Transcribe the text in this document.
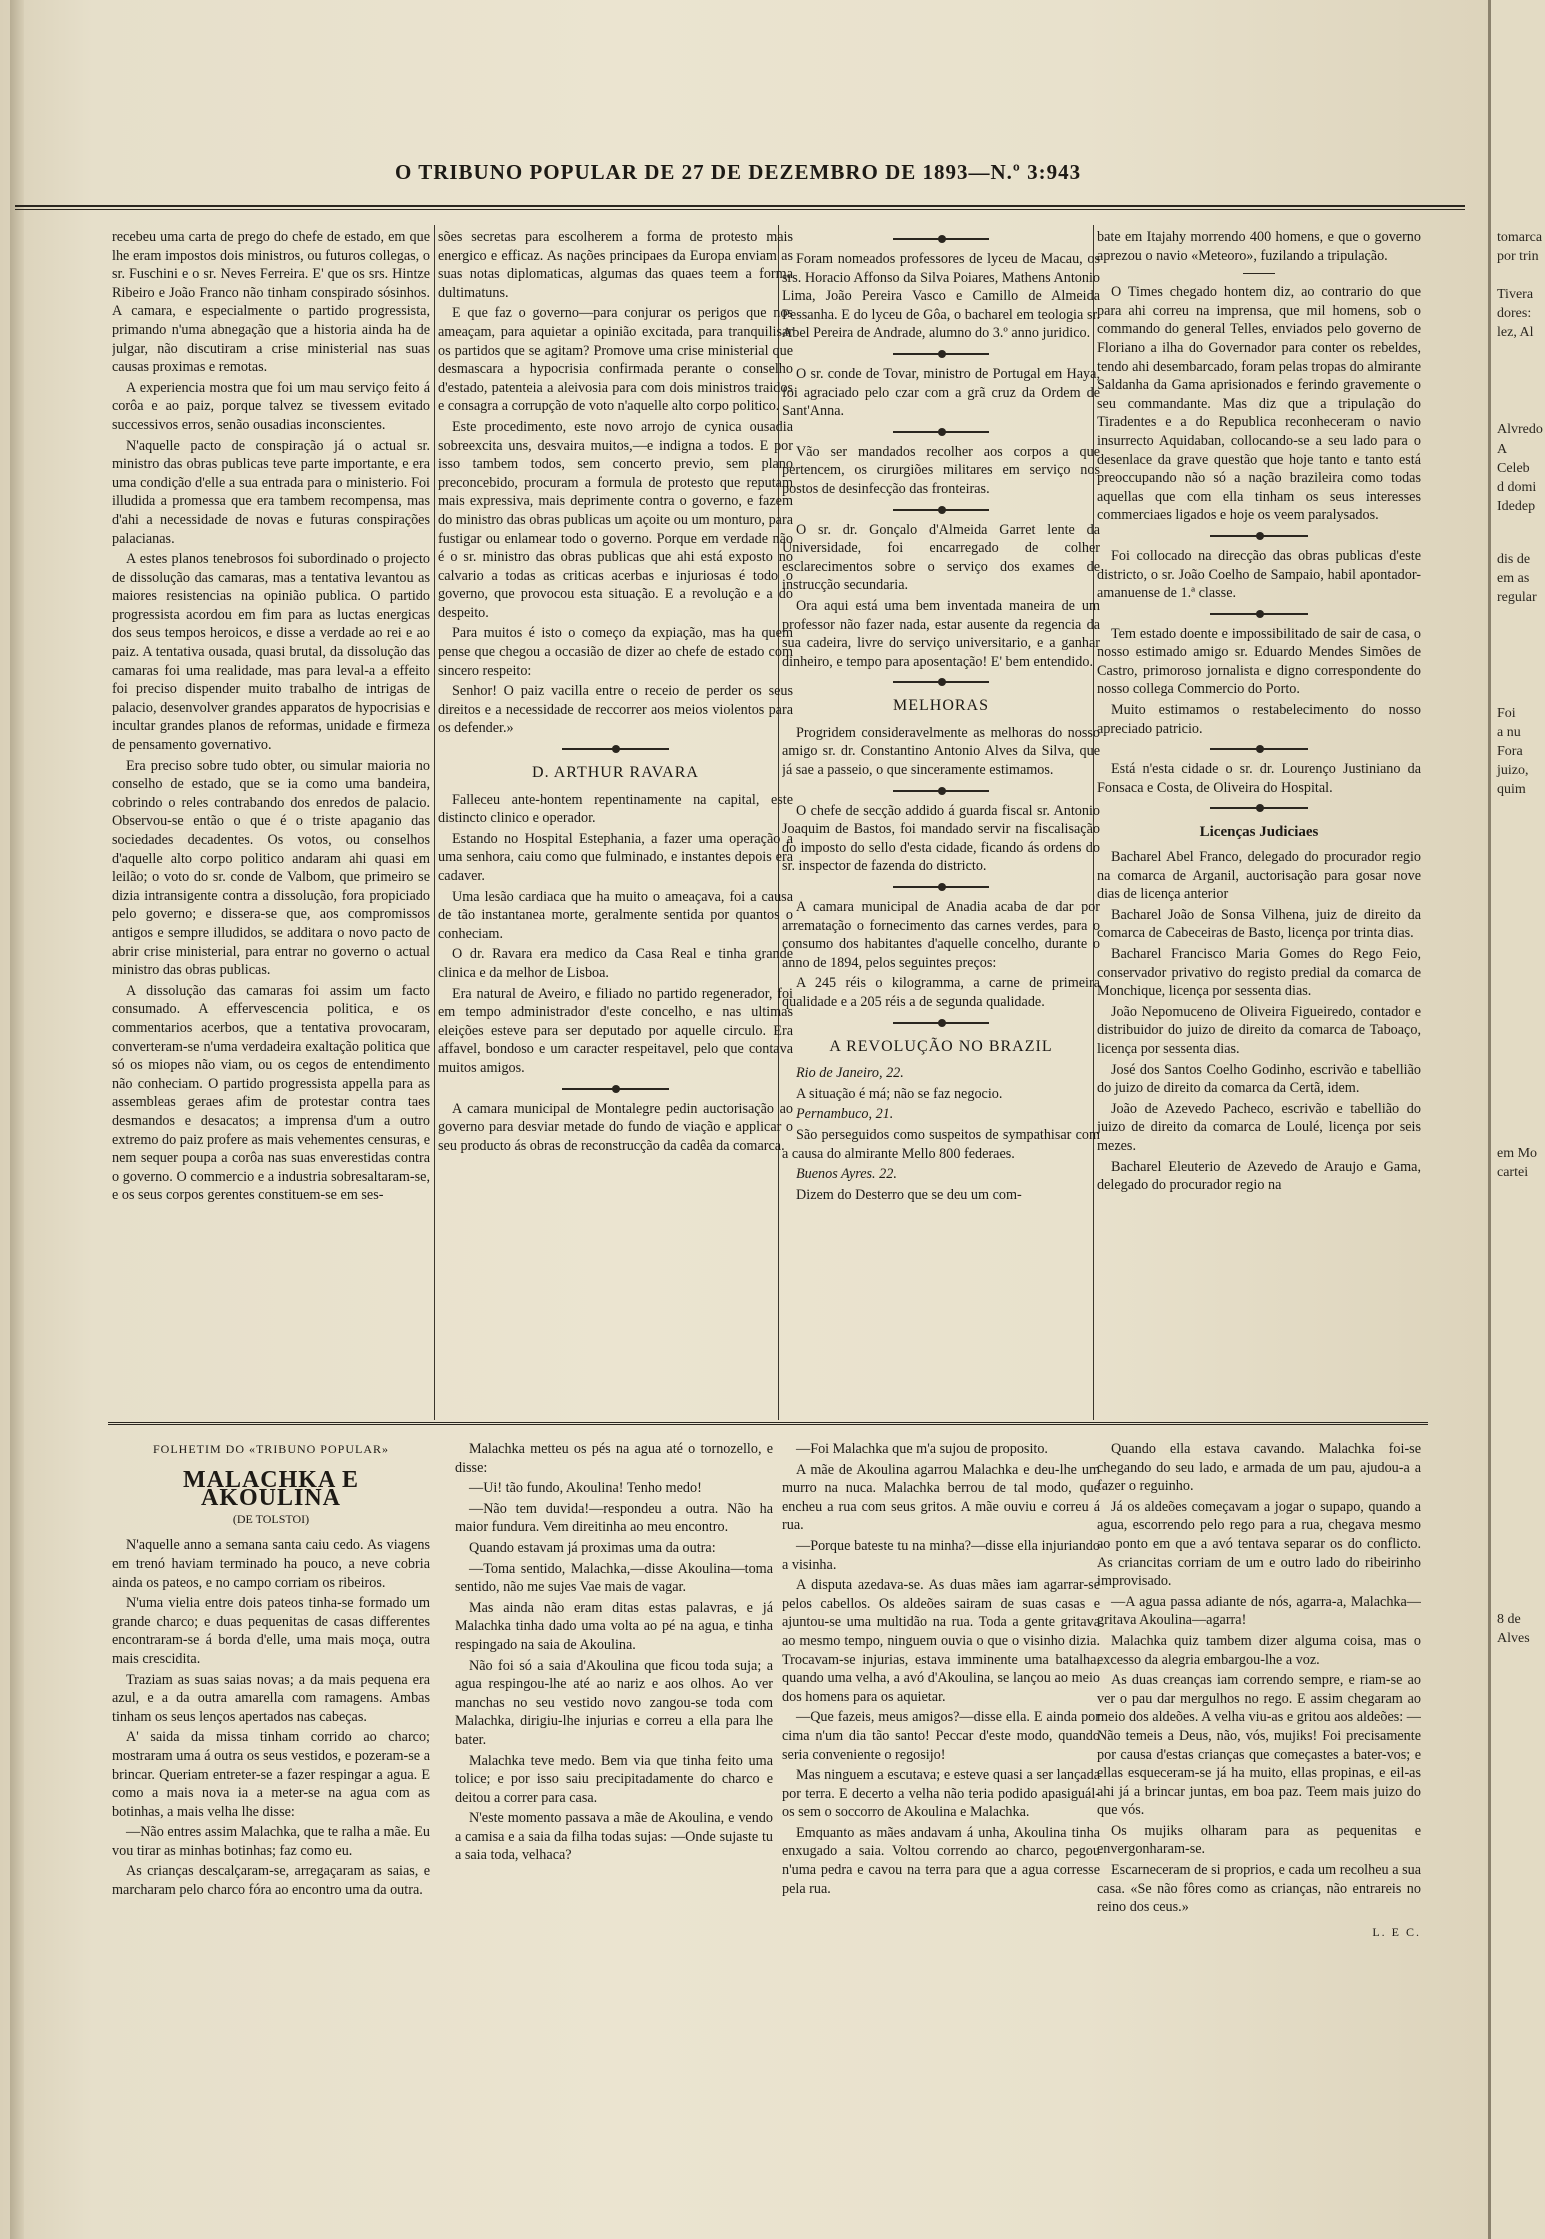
O TRIBUNO POPULAR DE 27 DE DEZEMBRO DE 1893—N.º 3:943

recebeu uma carta de prego do chefe de estado, em que lhe eram impostos dois ministros, ou futuros collegas, o sr. Fuschini e o sr. Neves Ferreira. E' que os srs. Hintze Ribeiro e João Franco não tinham conspirado sósinhos. A camara, e especialmente o partido progressista, primando n'uma abnegação que a historia ainda ha de julgar, não discutiram a crise ministerial nas suas causas proximas e remotas.

A experiencia mostra que foi um mau serviço feito á corôa e ao paiz, porque talvez se tivessem evitado successivos erros, senão ousadias inconscientes.

N'aquelle pacto de conspiração já o actual sr. ministro das obras publicas teve parte importante, e era uma condição d'elle a sua entrada para o ministerio. Foi illudida a promessa que era tambem recompensa, mas d'ahi a necessidade de novas e futuras conspirações palacianas.

A estes planos tenebrosos foi subordinado o projecto de dissolução das camaras, mas a tentativa levantou as maiores resistencias na opinião publica. O partido progressista acordou em fim para as luctas energicas dos seus tempos heroicos, e disse a verdade ao rei e ao paiz. A tentativa ousada, quasi brutal, da dissolução das camaras foi uma realidade, mas para leval-a a effeito foi preciso dispender muito trabalho de intrigas de palacio, desenvolver grandes apparatos de hypocrisias e incultar grandes planos de reformas, unidade e firmeza de pensamento governativo.

Era preciso sobre tudo obter, ou simular maioria no conselho de estado, que se ia como uma bandeira, cobrindo o reles contrabando dos enredos de palacio. Observou-se então o que é o triste apaganio das sociedades decadentes. Os votos, ou conselhos d'aquelle alto corpo politico andaram ahi quasi em leilão; o voto do sr. conde de Valbom, que primeiro se dizia intransigente contra a dissolução, fora propiciado pelo governo; e dissera-se que, aos compromissos antigos e sempre illudidos, se additara o novo pacto de abrir crise ministerial, para entrar no governo o actual ministro das obras publicas.

A dissolução das camaras foi assim um facto consumado. A effervescencia politica, e os commentarios acerbos, que a tentativa provocaram, converteram-se n'uma verdadeira exaltação politica que só os miopes não viam, ou os cegos de entendimento não conheciam. O partido progressista appella para as assembleas geraes afim de protestar contra taes desmandos e desacatos; a imprensa d'um a outro extremo do paiz profere as mais vehementes censuras, e nem sequer poupa a corôa nas suas enverestidas contra o governo. O commercio e a industria sobresaltaram-se, e os seus corpos gerentes constituem-se em ses-

sões secretas para escolherem a forma de protesto mais energico e efficaz. As nações principaes da Europa enviam as suas notas diplomaticas, algumas das quaes teem a forma dultimatuns.

E que faz o governo—para conjurar os perigos que nos ameaçam, para aquietar a opinião excitada, para tranquilisar os partidos que se agitam? Promove uma crise ministerial que desmascara a hypocrisia confirmada perante o conselho d'estado, patenteia a aleivosia para com dois ministros traidos e consagra a corrupção de voto n'aquelle alto corpo politico.

Este procedimento, este novo arrojo de cynica ousadia sobreexcita uns, desvaira muitos,—e indigna a todos. E por isso tambem todos, sem concerto previo, sem plano preconcebido, procuram a formula de protesto que reputam mais expressiva, mais deprimente contra o governo, e fazem do ministro das obras publicas um açoite ou um monturo, para fustigar ou enlamear todo o governo. Porque em verdade não é o sr. ministro das obras publicas que ahi está exposto no calvario a todas as criticas acerbas e injuriosas é todo o governo, que provocou esta situação. E a revolução e a do despeito.

Para muitos é isto o começo da expiação, mas ha quem pense que chegou a occasião de dizer ao chefe de estado com sincero respeito:

Senhor! O paiz vacilla entre o receio de perder os seus direitos e a necessidade de reccorrer aos meios violentos para os defender.»

D. ARTHUR RAVARA

Falleceu ante-hontem repentinamente na capital, este distincto clinico e operador.

Estando no Hospital Estephania, a fazer uma operação a uma senhora, caiu como que fulminado, e instantes depois era cadaver.

Uma lesão cardiaca que ha muito o ameaçava, foi a causa de tão instantanea morte, geralmente sentida por quantos o conheciam.

O dr. Ravara era medico da Casa Real e tinha grande clinica e da melhor de Lisboa.

Era natural de Aveiro, e filiado no partido regenerador, foi em tempo administrador d'este concelho, e nas ultimas eleições esteve para ser deputado por aquelle circulo. Era affavel, bondoso e um caracter respeitavel, pelo que contava muitos amigos.

A camara municipal de Montalegre pedin auctorisação ao governo para desviar metade do fundo de viação e applicar o seu producto ás obras de reconstrucção da cadêa da comarca.

Foram nomeados professores de lyceu de Macau, os srs. Horacio Affonso da Silva Poiares, Mathens Antonio Lima, João Pereira Vasco e Camillo de Almeida Pessanha. E do lyceu de Gôa, o bacharel em teologia sr. Abel Pereira de Andrade, alumno do 3.º anno juridico.

O sr. conde de Tovar, ministro de Portugal em Haya, foi agraciado pelo czar com a grã cruz da Ordem de Sant'Anna.

Vão ser mandados recolher aos corpos a que pertencem, os cirurgiões militares em serviço nos postos de desinfecção das fronteiras.

O sr. dr. Gonçalo d'Almeida Garret lente da Universidade, foi encarregado de colher esclarecimentos sobre o serviço dos exames de instrucção secundaria.

Ora aqui está uma bem inventada maneira de um professor não fazer nada, estar ausente da regencia da sua cadeira, livre do serviço universitario, e a ganhar dinheiro, e tempo para aposentação! E' bem entendido.

MELHORAS

Progridem consideravelmente as melhoras do nosso amigo sr. dr. Constantino Antonio Alves da Silva, que já sae a passeio, o que sinceramente estimamos.

O chefe de secção addido á guarda fiscal sr. Antonio Joaquim de Bastos, foi mandado servir na fiscalisação do imposto do sello d'esta cidade, ficando ás ordens do sr. inspector de fazenda do districto.

A camara municipal de Anadia acaba de dar por arrematação o fornecimento das carnes verdes, para o consumo dos habitantes d'aquelle concelho, durante o anno de 1894, pelos seguintes preços:

A 245 réis o kilogramma, a carne de primeira qualidade e a 205 réis a de segunda qualidade.

A REVOLUÇÃO NO BRAZIL

Rio de Janeiro, 22.

A situação é má; não se faz negocio.

Pernambuco, 21.

São perseguidos como suspeitos de sympathisar com a causa do almirante Mello 800 federaes.

Buenos Ayres. 22.

Dizem do Desterro que se deu um com-

bate em Itajahy morrendo 400 homens, e que o governo aprezou o navio «Meteoro», fuzilando a tripulação.

O Times chegado hontem diz, ao contrario do que para ahi correu na imprensa, que mil homens, sob o commando do general Telles, enviados pelo governo de Floriano a ilha do Governador para conter os rebeldes, tendo ahi desembarcado, foram pelas tropas do almirante Saldanha da Gama aprisionados e ferindo gravemente o seu commandante. Mas diz que a tripulação do Tiradentes e a do Republica reconheceram o navio insurrecto Aquidaban, collocando-se a seu lado para o desenlace da grave questão que hoje tanto e tanto está preoccupando não só a nação brazileira como todas aquellas que com ella tinham os seus interesses commerciaes ligados e hoje os veem paralysados.

Foi collocado na direcção das obras publicas d'este districto, o sr. João Coelho de Sampaio, habil apontador-amanuense de 1.ª classe.

Tem estado doente e impossibilitado de sair de casa, o nosso estimado amigo sr. Eduardo Mendes Simões de Castro, primoroso jornalista e digno correspondente do nosso collega Commercio do Porto.

Muito estimamos o restabelecimento do nosso apreciado patricio.

Está n'esta cidade o sr. dr. Lourenço Justiniano da Fonsaca e Costa, de Oliveira do Hospital.

Licenças Judiciaes

Bacharel Abel Franco, delegado do procurador regio na comarca de Arganil, auctorisação para gosar nove dias de licença anterior

Bacharel João de Sonsa Vilhena, juiz de direito da comarca de Cabeceiras de Basto, licença por trinta dias.

Bacharel Francisco Maria Gomes do Rego Feio, conservador privativo do registo predial da comarca de Monchique, licença por sessenta dias.

João Nepomuceno de Oliveira Figueiredo, contador e distribuidor do juizo de direito da comarca de Taboaço, licença por sessenta dias.

José dos Santos Coelho Godinho, escrivão e tabellião do juizo de direito da comarca da Certã, idem.

João de Azevedo Pacheco, escrivão e tabellião do juizo de direito da comarca de Loulé, licença por seis mezes.

Bacharel Eleuterio de Azevedo de Araujo e Gama, delegado do procurador regio na

FOLHETIM DO «TRIBUNO POPULAR»
MALACHKA E AKOULINA
(DE TOLSTOI)

N'aquelle anno a semana santa caiu cedo. As viagens em trenó haviam terminado ha pouco, a neve cobria ainda os pateos, e no campo corriam os ribeiros.

N'uma vielia entre dois pateos tinha-se formado um grande charco; e duas pequenitas de casas differentes encontraram-se á borda d'elle, uma mais moça, outra mais crescidita.

Traziam as suas saias novas; a da mais pequena era azul, e a da outra amarella com ramagens. Ambas tinham os seus lenços apertados nas cabeças.

A' saida da missa tinham corrido ao charco; mostraram uma á outra os seus vestidos, e pozeram-se a brincar. Queriam entreter-se a fazer respingar a agua. E como a mais nova ia a meter-se na agua com as botinhas, a mais velha lhe disse:

—Não entres assim Malachka, que te ralha a mãe. Eu vou tirar as minhas botinhas; faz como eu.

As crianças descalçaram-se, arregaçaram as saias, e marcharam pelo charco fóra ao encontro uma da outra.

Malachka metteu os pés na agua até o tornozello, e disse:

—Ui! tão fundo, Akoulina! Tenho medo!

—Não tem duvida!—respondeu a outra. Não ha maior fundura. Vem direitinha ao meu encontro.

Quando estavam já proximas uma da outra:

—Toma sentido, Malachka,—disse Akoulina—toma sentido, não me sujes Vae mais de vagar.

Mas ainda não eram ditas estas palavras, e já Malachka tinha dado uma volta ao pé na agua, e tinha respingado na saia de Akoulina.

Não foi só a saia d'Akoulina que ficou toda suja; a agua respingou-lhe até ao nariz e aos olhos. Ao ver manchas no seu vestido novo zangou-se toda com Malachka, dirigiu-lhe injurias e correu a ella para lhe bater.

Malachka teve medo. Bem via que tinha feito uma tolice; e por isso saiu precipitadamente do charco e deitou a correr para casa.

N'este momento passava a mãe de Akoulina, e vendo a camisa e a saia da filha todas sujas: —Onde sujaste tu a saia toda, velhaca?

—Foi Malachka que m'a sujou de proposito.

A mãe de Akoulina agarrou Malachka e deu-lhe um murro na nuca. Malachka berrou de tal modo, que encheu a rua com seus gritos. A mãe ouviu e correu á rua.

—Porque bateste tu na minha?—disse ella injuriando a visinha.

A disputa azedava-se. As duas mães iam agarrar-se pelos cabellos. Os aldeões sairam de suas casas e ajuntou-se uma multidão na rua. Toda a gente gritava ao mesmo tempo, ninguem ouvia o que o visinho dizia. Trocavam-se injurias, estava imminente uma batalha, quando uma velha, a avó d'Akoulina, se lançou ao meio dos homens para os aquietar.

—Que fazeis, meus amigos?—disse ella. E ainda por cima n'um dia tão santo! Peccar d'este modo, quando seria conveniente o regosijo!

Mas ninguem a escutava; e esteve quasi a ser lançada por terra. E decerto a velha não teria podido apasiguál-os sem o soccorro de Akoulina e Malachka.

Emquanto as mães andavam á unha, Akoulina tinha enxugado a saia. Voltou correndo ao charco, pegou n'uma pedra e cavou na terra para que a agua corresse pela rua.

Quando ella estava cavando. Malachka foi-se chegando do seu lado, e armada de um pau, ajudou-a a fazer o reguinho.

Já os aldeões começavam a jogar o supapo, quando a agua, escorrendo pelo rego para a rua, chegava mesmo ao ponto em que a avó tentava separar os do conflicto. As criancitas corriam de um e outro lado do ribeirinho improvisado.

—A agua passa adiante de nós, agarra-a, Malachka—gritava Akoulina—agarra!

Malachka quiz tambem dizer alguma coisa, mas o excesso da alegria embargou-lhe a voz.

As duas creanças iam correndo sempre, e riam-se ao ver o pau dar mergulhos no rego. E assim chegaram ao meio dos aldeões. A velha viu-as e gritou aos aldeões: —Não temeis a Deus, não, vós, mujiks! Foi precisamente por causa d'estas crianças que começastes a bater-vos; e ellas esqueceram-se já ha muito, ellas propinas, e eil-as ahi já a brincar juntas, em boa paz. Teem mais juizo do que vós.

Os mujiks olharam para as pequenitas e envergonharam-se.

Escarneceram de si proprios, e cada um recolheu a sua casa. «Se não fôres como as crianças, não entrareis no reino dos ceus.»

L. E C.
tomarca
por trin
Tivera
dores:
lez, Al
Alvredo
A
Celeb
d domi
Idedep
dis de
em as
regular
Foi
a nu
Fora
juizo,
quim
em Mo
cartei
8 de
Alves
